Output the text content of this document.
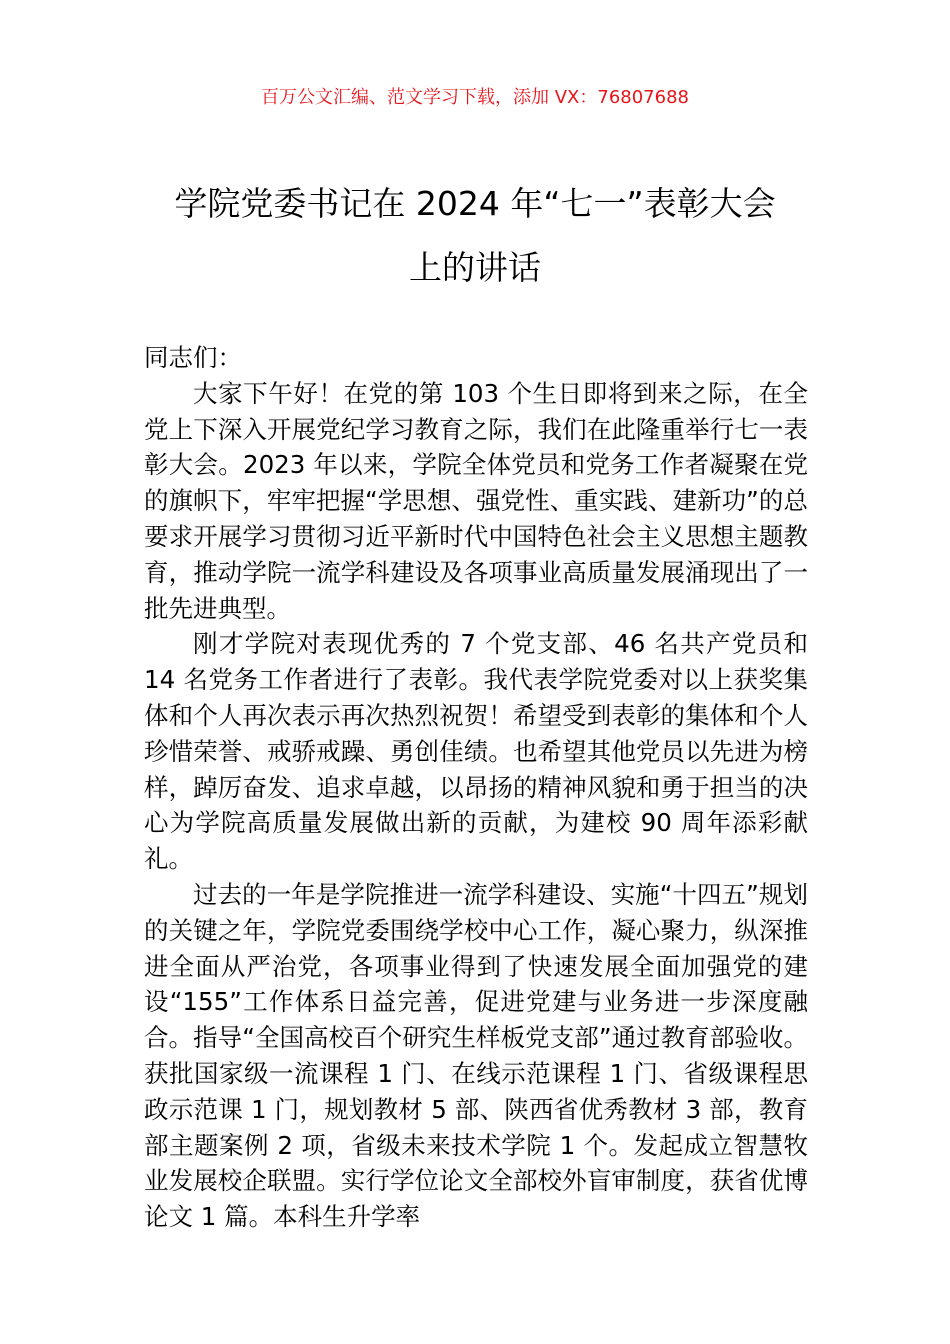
百万公文汇编、范文学习下载，添加 VX：76807688
学院党委书记在 2024 年“七一”表彰大会
上的讲话

同志们：

大家下午好！在党的第 103 个生日即将到来之际，在全党上下深入开展党纪学习教育之际，我们在此隆重举行七一表彰大会。2023 年以来，学院全体党员和党务工作者凝聚在党的旗帜下，牢牢把握“学思想、强党性、重实践、建新功”的总要求开展学习贯彻习近平新时代中国特色社会主义思想主题教育，推动学院一流学科建设及各项事业高质量发展涌现出了一批先进典型。

刚才学院对表现优秀的 7 个党支部、46 名共产党员和 14 名党务工作者进行了表彰。我代表学院党委对以上获奖集体和个人再次表示再次热烈祝贺！希望受到表彰的集体和个人珍惜荣誉、戒骄戒躁、勇创佳绩。也希望其他党员以先进为榜样，踔厉奋发、追求卓越，以昂扬的精神风貌和勇于担当的决心为学院高质量发展做出新的贡献，为建校 90 周年添彩献礼。

过去的一年是学院推进一流学科建设、实施“十四五”规划的关键之年，学院党委围绕学校中心工作，凝心聚力，纵深推进全面从严治党，各项事业得到了快速发展全面加强党的建设“155”工作体系日益完善，促进党建与业务进一步深度融合。指导“全国高校百个研究生样板党支部”通过教育部验收。获批国家级一流课程 1 门、在线示范课程 1 门、省级课程思政示范课 1 门，规划教材 5 部、陕西省优秀教材 3 部，教育部主题案例 2 项，省级未来技术学院 1 个。发起成立智慧牧业发展校企联盟。实行学位论文全部校外盲审制度，获省优博论文 1 篇。本科生升学率
